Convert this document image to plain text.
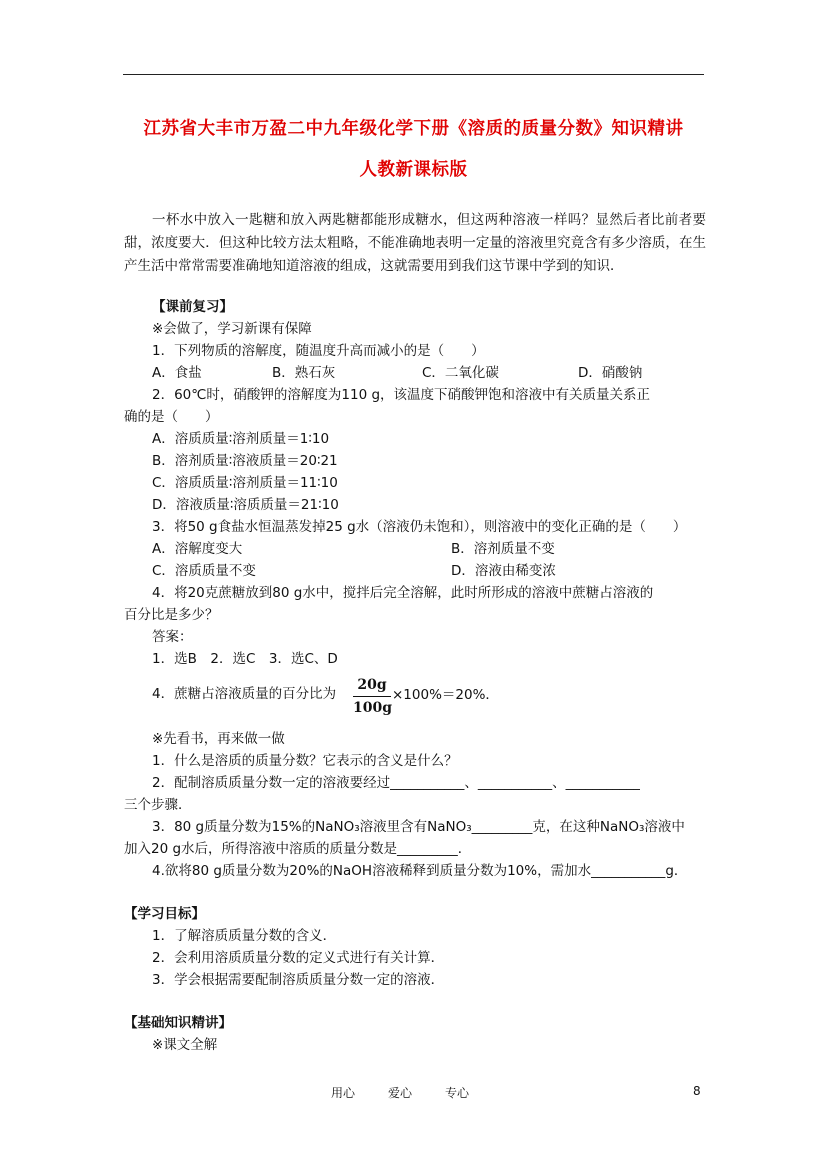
江苏省大丰市万盈二中九年级化学下册《溶质的质量分数》知识精讲
人教新课标版
一杯水中放入一匙糖和放入两匙糖都能形成糖水，但这两种溶液一样吗？显然后者比前者要甜，浓度要大．但这种比较方法太粗略，不能准确地表明一定量的溶液里究竟含有多少溶质，在生产生活中常常需要准确地知道溶液的组成，这就需要用到我们这节课中学到的知识．
【课前复习】
※会做了，学习新课有保障
1．下列物质的溶解度，随温度升高而减小的是（　　）
A．食盐	B．熟石灰	C．二氧化碳	D．硝酸钠
2．60℃时，硝酸钾的溶解度为110 g，该温度下硝酸钾饱和溶液中有关质量关系正
确的是（　　）
A．溶质质量∶溶剂质量＝1∶10
B．溶剂质量∶溶液质量＝20∶21
C．溶质质量∶溶剂质量＝11∶10
D．溶液质量∶溶质质量＝21∶10
3．将50 g食盐水恒温蒸发掉25 g水（溶液仍未饱和），则溶液中的变化正确的是（　　）
A．溶解度变大	B．溶剂质量不变
C．溶质质量不变	D．溶液由稀变浓
4．将20克蔗糖放到80 g水中，搅拌后完全溶解，此时所形成的溶液中蔗糖占溶液的
百分比是多少？
答案：
1．选B　2．选C　3．选C、D
4．蔗糖占溶液质量的百分比为
20g
100g
×100%＝20%．
※先看书，再来做一做
1．什么是溶质的质量分数？它表示的含义是什么？
2．配制溶质质量分数一定的溶液要经过___________、___________、___________
三个步骤．
3．80 g质量分数为15%的NaNO₃溶液里含有NaNO₃_________克，在这种NaNO₃溶液中
加入20 g水后，所得溶液中溶质的质量分数是_________．
4.欲将80 g质量分数为20%的NaOH溶液稀释到质量分数为10%，需加水___________g．
【学习目标】
1．了解溶质质量分数的含义．
2．会利用溶质质量分数的定义式进行有关计算．
3．学会根据需要配制溶质质量分数一定的溶液．
【基础知识精讲】
※课文全解
用心	爱心	专心	8
